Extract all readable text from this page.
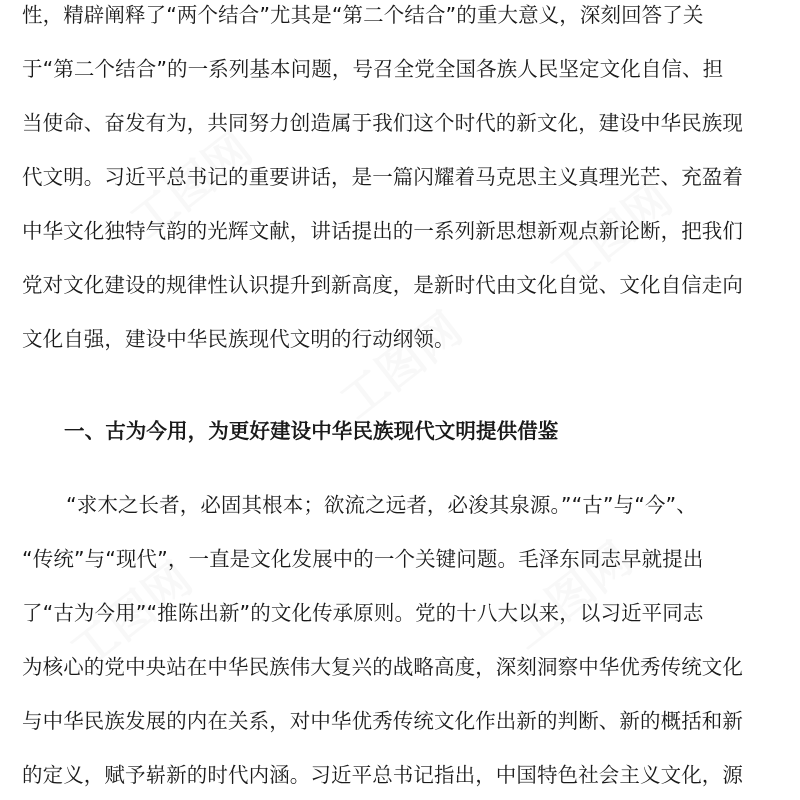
工图网	工图网
工图网
工图网	工图网
性，精辟阐释了“两个结合”尤其是“第二个结合”的重大意义，深刻回答了关
于“第二个结合”的一系列基本问题，号召全党全国各族人民坚定文化自信、担
当使命、奋发有为，共同努力创造属于我们这个时代的新文化，建设中华民族现
代文明。习近平总书记的重要讲话，是一篇闪耀着马克思主义真理光芒、充盈着
中华文化独特气韵的光辉文献，讲话提出的一系列新思想新观点新论断，把我们
党对文化建设的规律性认识提升到新高度，是新时代由文化自觉、文化自信走向
文化自强，建设中华民族现代文明的行动纲领。
一、古为今用，为更好建设中华民族现代文明提供借鉴
“求木之长者，必固其根本；欲流之远者，必浚其泉源。”“古”与“今”、
“传统”与“现代”，一直是文化发展中的一个关键问题。毛泽东同志早就提出
了“古为今用”“推陈出新”的文化传承原则。党的十八大以来，以习近平同志
为核心的党中央站在中华民族伟大复兴的战略高度，深刻洞察中华优秀传统文化
与中华民族发展的内在关系，对中华优秀传统文化作出新的判断、新的概括和新
的定义，赋予崭新的时代内涵。习近平总书记指出，中国特色社会主义文化，源
